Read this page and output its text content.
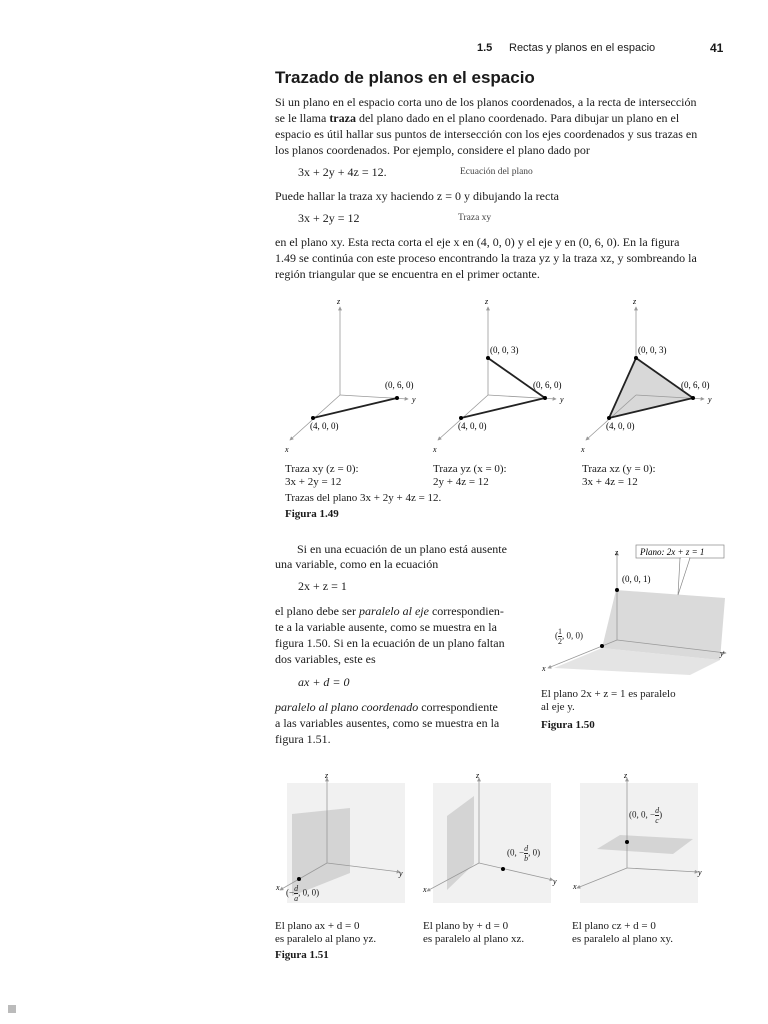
1.5 Rectas y planos en el espacio	41
Trazado de planos en el espacio
Si un plano en el espacio corta uno de los planos coordenados, a la recta de intersección
se le llama traza del plano dado en el plano coordenado. Para dibujar un plano en el
espacio es útil hallar sus puntos de intersección con los ejes coordenados y sus trazas en
los planos coordenados. Por ejemplo, considere el plano dado por
3x + 2y + 4z = 12.	Ecuación del plano
Puede hallar la traza xy haciendo z = 0 y dibujando la recta
3x + 2y = 12	Traza xy
en el plano xy. Esta recta corta el eje x en (4, 0, 0) y el eje y en (0, 6, 0). En la figura
1.49 se continúa con este proceso encontrando la traza yz y la traza xz, y sombreando la
región triangular que se encuentra en el primer octante.
z
y
x
(4, 0, 0)
(0, 6, 0)
z
y
x
(4, 0, 0)
(0, 6, 0)
(0, 0, 3)
z
y
x
(4, 0, 0)
(0, 6, 0)
(0, 0, 3)
Traza xy (z = 0):
3x + 2y = 12
Traza yz (x = 0):
2y + 4z = 12
Traza xz (y = 0):
3x + 4z = 12
Trazas del plano 3x + 2y + 4z = 12.
Figura 1.49
Si en una ecuación de un plano está ausente
una variable, como en la ecuación
2x + z = 1
el plano debe ser paralelo al eje correspondien-
te a la variable ausente, como se muestra en la
figura 1.50. Si en la ecuación de un plano faltan
dos variables, este es
ax + d = 0
paralelo al plano coordenado correspondiente
a las variables ausentes, como se muestra en la
figura 1.51.
z
y
x
Plano: 2x + z = 1
(0, 0, 1)
( $\frac{1}{2}$ , 0, 0)
El plano 2x + z = 1 es paralelo
al eje y.
Figura 1.50
z
y
x
z
y
x
z
y
x
(− $\frac{d}{a}$ , 0, 0)
(0, − $\frac{d}{b}$ , 0)
(0, 0, − $\frac{d}{c}$ )
El plano ax + d = 0
es paralelo al plano yz.
El plano by + d = 0
es paralelo al plano xz.
El plano cz + d = 0
es paralelo al plano xy.
Figura 1.51
